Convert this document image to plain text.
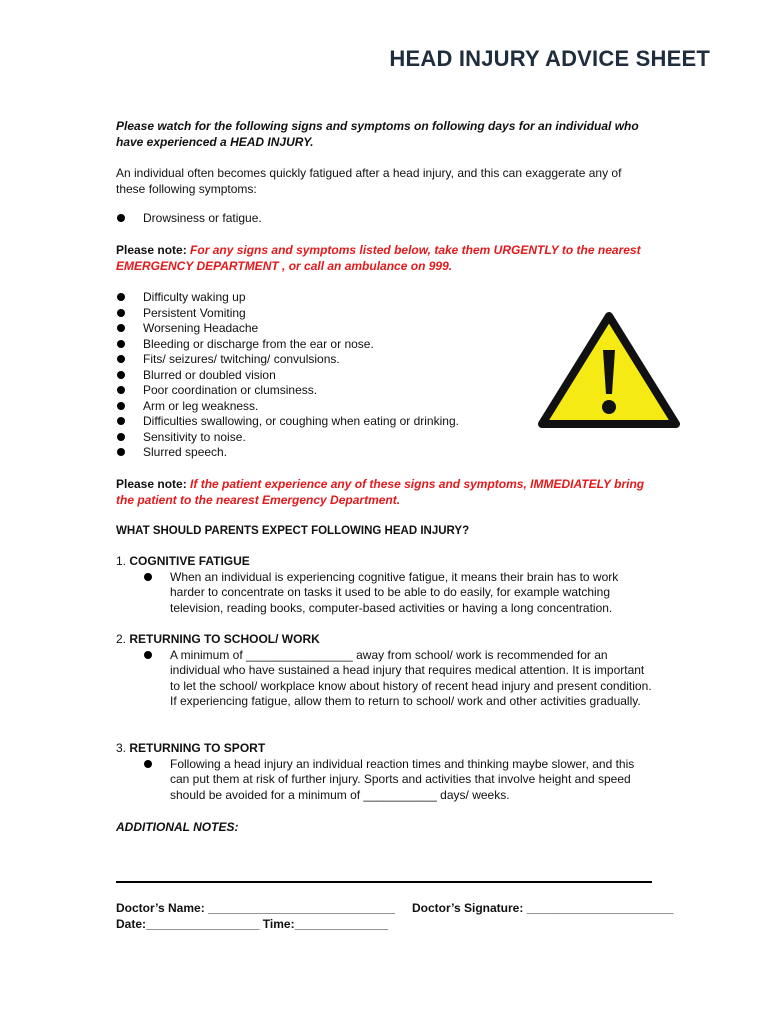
HEAD INJURY ADVICE SHEET
Please watch for the following signs and symptoms on following days for an individual who have experienced a HEAD INJURY.
An individual often becomes quickly fatigued after a head injury, and this can exaggerate any of these following symptoms:
Drowsiness or fatigue.
Please note: For any signs and symptoms listed below, take them URGENTLY to the nearest EMERGENCY DEPARTMENT , or call an ambulance on 999.
Difficulty waking up
Persistent Vomiting
Worsening Headache
Bleeding or discharge from the ear or nose.
Fits/ seizures/ twitching/ convulsions.
Blurred or doubled vision
Poor coordination or clumsiness.
Arm or leg weakness.
Difficulties swallowing, or coughing when eating or drinking.
Sensitivity to noise.
Slurred speech.
Please note: If the patient experience any of these signs and symptoms, IMMEDIATELY bring the patient to the nearest Emergency Department.
WHAT SHOULD PARENTS EXPECT FOLLOWING HEAD INJURY?
1. COGNITIVE FATIGUE
When an individual is experiencing cognitive fatigue, it means their brain has to work harder to concentrate on tasks it used to be able to do easily, for example watching television, reading books, computer-based activities or having a long concentration.
2. RETURNING TO SCHOOL/ WORK
A minimum of ________________ away from school/ work is recommended for an individual who have sustained a head injury that requires medical attention. It is important to let the school/ workplace know about history of recent head injury and present condition. If experiencing fatigue, allow them to return to school/ work and other activities gradually.
3. RETURNING TO SPORT
Following a head injury an individual reaction times and thinking maybe slower, and this can put them at risk of further injury. Sports and activities that involve height and speed should be avoided for a minimum of ___________ days/ weeks.
ADDITIONAL NOTES:
Doctor’s Name: ____________________________ Doctor’s Signature: ______________________
Date:_________________ Time:______________
